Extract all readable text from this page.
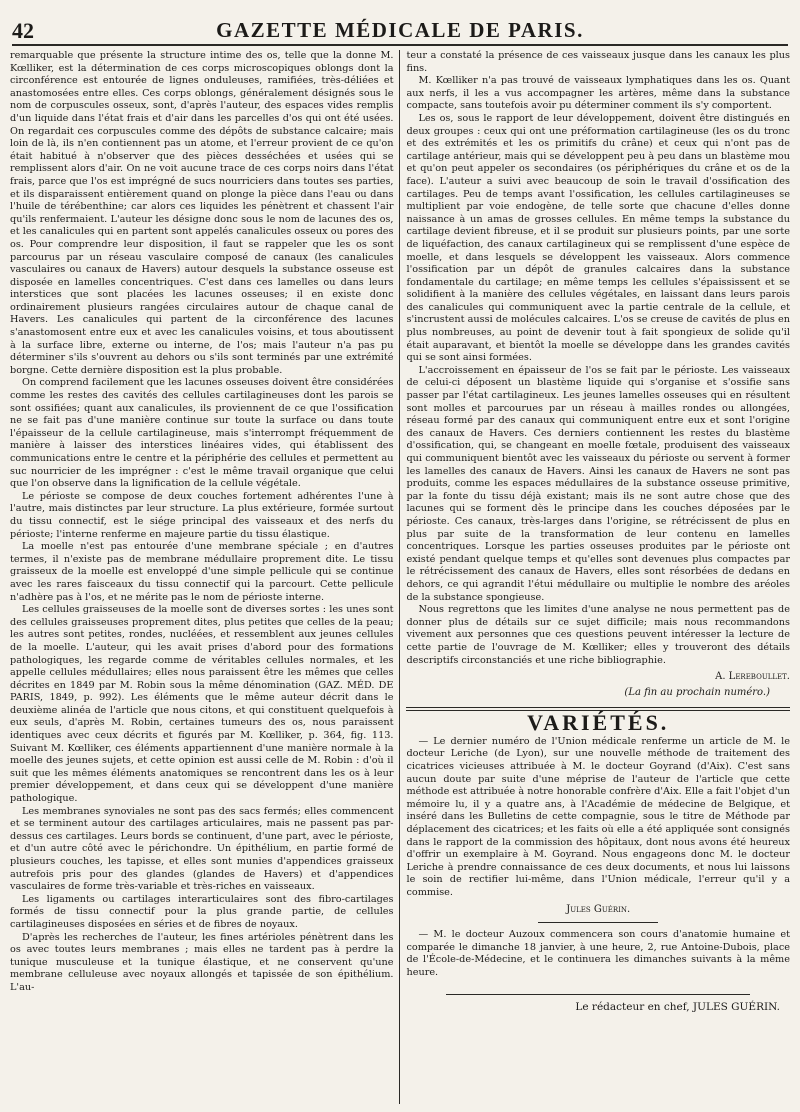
42	GAZETTE MÉDICALE DE PARIS.

remarquable que présente la structure intime des os, telle que la donne M. Kœlliker, est la détermination de ces corps microscopiques oblongs dont la circonférence est entourée de lignes onduleuses, ramifiées, très-déliées et anastomosées entre elles. Ces corps oblongs, généralement désignés sous le nom de corpuscules osseux, sont, d'après l'auteur, des espaces vides remplis d'un liquide dans l'état frais et d'air dans les parcelles d'os qui ont été usées. On regardait ces corpuscules comme des dépôts de substance calcaire; mais loin de là, ils n'en contiennent pas un atome, et l'erreur provient de ce qu'on était habitué à n'observer que des pièces desséchées et usées qui se remplissent alors d'air. On ne voit aucune trace de ces corps noirs dans l'état frais, parce que l'os est imprégné de sucs nourriciers dans toutes ses parties, et ils disparaissent entièrement quand on plonge la pièce dans l'eau ou dans l'huile de térébenthine; car alors ces liquides les pénètrent et chassent l'air qu'ils renfermaient. L'auteur les désigne donc sous le nom de lacunes des os, et les canalicules qui en partent sont appelés canalicules osseux ou pores des os. Pour comprendre leur disposition, il faut se rappeler que les os sont parcourus par un réseau vasculaire composé de canaux (les canalicules vasculaires ou canaux de Havers) autour desquels la substance osseuse est disposée en lamelles concentriques. C'est dans ces lamelles ou dans leurs interstices que sont placées les lacunes osseuses; il en existe donc ordinairement plusieurs rangées circulaires autour de chaque canal de Havers. Les canalicules qui partent de la circonférence des lacunes s'anastomosent entre eux et avec les canalicules voisins, et tous aboutissent à la surface libre, externe ou interne, de l'os; mais l'auteur n'a pas pu déterminer s'ils s'ouvrent au dehors ou s'ils sont terminés par une extrémité borgne. Cette dernière disposition est la plus probable.

On comprend facilement que les lacunes osseuses doivent être considérées comme les restes des cavités des cellules cartilagineuses dont les parois se sont ossifiées; quant aux canalicules, ils proviennent de ce que l'ossification ne se fait pas d'une manière continue sur toute la surface ou dans toute l'épaisseur de la cellule cartilagineuse, mais s'interrompt fréquemment de manière à laisser des interstices linéaires vides, qui établissent des communications entre le centre et la périphérie des cellules et permettent au suc nourricier de les imprégner : c'est le même travail organique que celui que l'on observe dans la lignification de la cellule végétale.

Le périoste se compose de deux couches fortement adhérentes l'une à l'autre, mais distinctes par leur structure. La plus extérieure, formée surtout du tissu connectif, est le siége principal des vaisseaux et des nerfs du périoste; l'interne renferme en majeure partie du tissu élastique.

La moelle n'est pas entourée d'une membrane spéciale ; en d'autres termes, il n'existe pas de membrane médullaire proprement dite. Le tissu graisseux de la moelle est enveloppé d'une simple pellicule qui se continue avec les rares faisceaux du tissu connectif qui la parcourt. Cette pellicule n'adhère pas à l'os, et ne mérite pas le nom de périoste interne.

Les cellules graisseuses de la moelle sont de diverses sortes : les unes sont des cellules graisseuses proprement dites, plus petites que celles de la peau; les autres sont petites, rondes, nucléées, et ressemblent aux jeunes cellules de la moelle. L'auteur, qui les avait prises d'abord pour des formations pathologiques, les regarde comme de véritables cellules normales, et les appelle cellules médullaires; elles nous paraissent être les mêmes que celles décrites en 1849 par M. Robin sous la même dénomination (GAZ. MÉD. DE PARIS, 1849, p. 992). Les éléments que le même auteur décrit dans le deuxième alinéa de l'article que nous citons, et qui constituent quelquefois à eux seuls, d'après M. Robin, certaines tumeurs des os, nous paraissent identiques avec ceux décrits et figurés par M. Kœlliker, p. 364, fig. 113. Suivant M. Kœlliker, ces éléments appartiennent d'une manière normale à la moelle des jeunes sujets, et cette opinion est aussi celle de M. Robin : d'où il suit que les mêmes éléments anatomiques se rencontrent dans les os à leur premier développement, et dans ceux qui se développent d'une manière pathologique.

Les membranes synoviales ne sont pas des sacs fermés; elles commencent et se terminent autour des cartilages articulaires, mais ne passent pas par-dessus ces cartilages. Leurs bords se continuent, d'une part, avec le périoste, et d'un autre côté avec le périchondre. Un épithélium, en partie formé de plusieurs couches, les tapisse, et elles sont munies d'appendices graisseux autrefois pris pour des glandes (glandes de Havers) et d'appendices vasculaires de forme très-variable et très-riches en vaisseaux.

Les ligaments ou cartilages interarticulaires sont des fibro-cartilages formés de tissu connectif pour la plus grande partie, de cellules cartilagineuses disposées en séries et de fibres de noyaux.

D'après les recherches de l'auteur, les fines artérioles pénètrent dans les os avec toutes leurs membranes ; mais elles ne tardent pas à perdre la tunique musculeuse et la tunique élastique, et ne conservent qu'une membrane celluleuse avec noyaux allongés et tapissée de son épithélium. L'au-

teur a constaté la présence de ces vaisseaux jusque dans les canaux les plus fins.

M. Kœlliker n'a pas trouvé de vaisseaux lymphatiques dans les os. Quant aux nerfs, il les a vus accompagner les artères, même dans la substance compacte, sans toutefois avoir pu déterminer comment ils s'y comportent.

Les os, sous le rapport de leur développement, doivent être distingués en deux groupes : ceux qui ont une préformation cartilagineuse (les os du tronc et des extrémités et les os primitifs du crâne) et ceux qui n'ont pas de cartilage antérieur, mais qui se développent peu à peu dans un blastème mou et qu'on peut appeler os secondaires (os périphériques du crâne et os de la face). L'auteur a suivi avec beaucoup de soin le travail d'ossification des cartilages. Peu de temps avant l'ossification, les cellules cartilagineuses se multiplient par voie endogène, de telle sorte que chacune d'elles donne naissance à un amas de grosses cellules. En même temps la substance du cartilage devient fibreuse, et il se produit sur plusieurs points, par une sorte de liquéfaction, des canaux cartilagineux qui se remplissent d'une espèce de moelle, et dans lesquels se développent les vaisseaux. Alors commence l'ossification par un dépôt de granules calcaires dans la substance fondamentale du cartilage; en même temps les cellules s'épaississent et se solidifient à la manière des cellules végétales, en laissant dans leurs parois des canalicules qui communiquent avec la partie centrale de la cellule, et s'incrustent aussi de molécules calcaires. L'os se creuse de cavités de plus en plus nombreuses, au point de devenir tout à fait spongieux de solide qu'il était auparavant, et bientôt la moelle se développe dans les grandes cavités qui se sont ainsi formées.

L'accroissement en épaisseur de l'os se fait par le périoste. Les vaisseaux de celui-ci déposent un blastème liquide qui s'organise et s'ossifie sans passer par l'état cartilagineux. Les jeunes lamelles osseuses qui en résultent sont molles et parcourues par un réseau à mailles rondes ou allongées, réseau formé par des canaux qui communiquent entre eux et sont l'origine des canaux de Havers. Ces derniers contiennent les restes du blastème d'ossification, qui, se changeant en moelle fœtale, produisent des vaisseaux qui communiquent bientôt avec les vaisseaux du périoste ou servent à former les lamelles des canaux de Havers. Ainsi les canaux de Havers ne sont pas produits, comme les espaces médullaires de la substance osseuse primitive, par la fonte du tissu déjà existant; mais ils ne sont autre chose que des lacunes qui se forment dès le principe dans les couches déposées par le périoste. Ces canaux, très-larges dans l'origine, se rétrécissent de plus en plus par suite de la transformation de leur contenu en lamelles concentriques. Lorsque les parties osseuses produites par le périoste ont existé pendant quelque temps et qu'elles sont devenues plus compactes par le rétrécissement des canaux de Havers, elles sont résorbées de dedans en dehors, ce qui agrandit l'étui médullaire ou multiplie le nombre des aréoles de la substance spongieuse.

Nous regrettons que les limites d'une analyse ne nous permettent pas de donner plus de détails sur ce sujet difficile; mais nous recommandons vivement aux personnes que ces questions peuvent intéresser la lecture de cette partie de l'ouvrage de M. Kœlliker; elles y trouveront des détails descriptifs circonstanciés et une riche bibliographie.

A. Lereboullet.
(La fin au prochain numéro.)
VARIÉTÉS.

— Le dernier numéro de l'Union médicale renferme un article de M. le docteur Leriche (de Lyon), sur une nouvelle méthode de traitement des cicatrices vicieuses attribuée à M. le docteur Goyrand (d'Aix). C'est sans aucun doute par suite d'une méprise de l'auteur de l'article que cette méthode est attribuée à notre honorable confrère d'Aix. Elle a fait l'objet d'un mémoire lu, il y a quatre ans, à l'Académie de médecine de Belgique, et inséré dans les Bulletins de cette compagnie, sous le titre de Méthode par déplacement des cicatrices; et les faits où elle a été appliquée sont consignés dans le rapport de la commission des hôpitaux, dont nous avons été heureux d'offrir un exemplaire à M. Goyrand. Nous engageons donc M. le docteur Leriche à prendre connaissance de ces deux documents, et nous lui laissons le soin de rectifier lui-même, dans l'Union médicale, l'erreur qu'il y a commise.

Jules Guérin.

— M. le docteur Auzoux commencera son cours d'anatomie humaine et comparée le dimanche 18 janvier, à une heure, 2, rue Antoine-Dubois, place de l'École-de-Médecine, et le continuera les dimanches suivants à la même heure.

Le rédacteur en chef, JULES GUÉRIN.
